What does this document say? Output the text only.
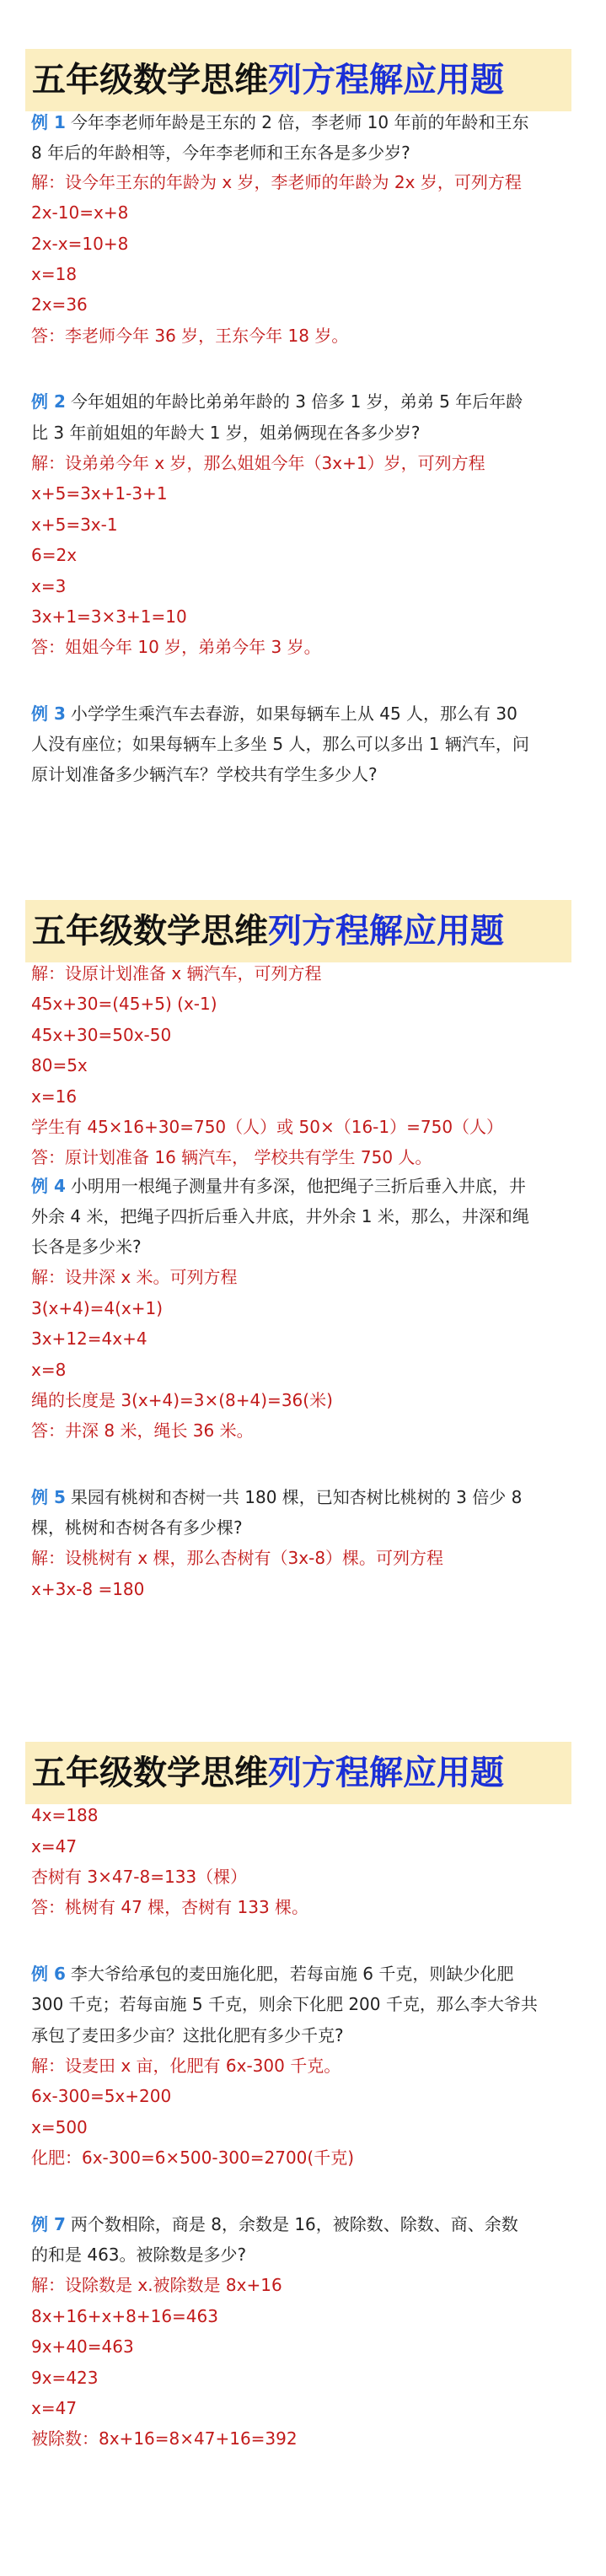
五年级数学思维列方程解应用题
例 1 今年李老师年龄是王东的 2 倍，李老师 10 年前的年龄和王东
8 年后的年龄相等，今年李老师和王东各是多少岁?
解：设今年王东的年龄为 x 岁，李老师的年龄为 2x 岁，可列方程
2x-10=x+8
2x-x=10+8
x=18
2x=36
答：李老师今年 36 岁，王东今年 18 岁。
例 2 今年姐姐的年龄比弟弟年龄的 3 倍多 1 岁，弟弟 5 年后年龄
比 3 年前姐姐的年龄大 1 岁，姐弟俩现在各多少岁?
解：设弟弟今年 x 岁，那么姐姐今年（3x+1）岁，可列方程
x+5=3x+1-3+1
x+5=3x-1
6=2x
x=3
3x+1=3×3+1=10
答：姐姐今年 10 岁，弟弟今年 3 岁。
例 3 小学学生乘汽车去春游，如果每辆车上从 45 人，那么有 30
人没有座位；如果每辆车上多坐 5 人，那么可以多出 1 辆汽车，问
原计划准备多少辆汽车？学校共有学生多少人?
五年级数学思维列方程解应用题
解：设原计划准备 x 辆汽车，可列方程
45x+30=(45+5) (x-1)
45x+30=50x-50
80=5x
x=16
学生有 45×16+30=750（人）或 50×（16-1）=750（人）
答：原计划准备 16 辆汽车， 学校共有学生 750 人。
例 4 小明用一根绳子测量井有多深，他把绳子三折后垂入井底，井
外余 4 米，把绳子四折后垂入井底，井外余 1 米，那么，井深和绳
长各是多少米?
解：设井深 x 米。可列方程
3(x+4)=4(x+1)
3x+12=4x+4
x=8
绳的长度是 3(x+4)=3×(8+4)=36(米)
答：井深 8 米，绳长 36 米。
例 5 果园有桃树和杏树一共 180 棵，已知杏树比桃树的 3 倍少 8
棵，桃树和杏树各有多少棵?
解：设桃树有 x 棵，那么杏树有（3x-8）棵。可列方程
x+3x-8 =180
五年级数学思维列方程解应用题
4x=188
x=47
杏树有 3×47-8=133（棵）
答：桃树有 47 棵，杏树有 133 棵。
例 6 李大爷给承包的麦田施化肥，若每亩施 6 千克，则缺少化肥
300 千克；若每亩施 5 千克，则余下化肥 200 千克，那么李大爷共
承包了麦田多少亩？这批化肥有多少千克?
解：设麦田 x 亩，化肥有 6x-300 千克。
6x-300=5x+200
x=500
化肥：6x-300=6×500-300=2700(千克)
例 7 两个数相除，商是 8，余数是 16，被除数、除数、商、余数
的和是 463。被除数是多少?
解：设除数是 x.被除数是 8x+16
8x+16+x+8+16=463
9x+40=463
9x=423
x=47
被除数：8x+16=8×47+16=392
